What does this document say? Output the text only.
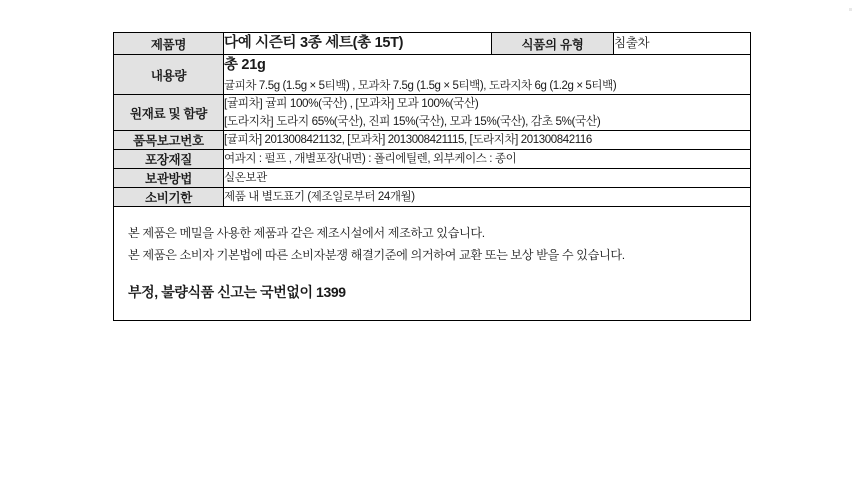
제품명	다예 시즌티 3종 세트(총 15T)	식품의 유형	침출차
내용량	총 21g
귤피차 7.5g (1.5g × 5티백) , 모과차 7.5g (1.5g × 5티백), 도라지차 6g (1.2g × 5티백)		

원재료 및 함량	[귤피차] 귤피 100%(국산) , [모과차] 모과 100%(국산)
[도라지차] 도라지 65%(국산), 진피 15%(국산), 모과 15%(국산), 감초 5%(국산)		

품목보고번호	[귤피차] 2013008421132, [모과차] 2013008421115, [도라지차] 201300842116		
포장재질	여과지 : 펄프 , 개별포장(내면) : 폴리에틸렌, 외부케이스 : 종이		
보관방법	실온보관		
소비기한	제품 내 별도표기 (제조일로부터 24개월)		
본 제품은 메밀을 사용한 제품과 같은 제조시설에서 제조하고 있습니다.
본 제품은 소비자 기본법에 따른 소비자분쟁 해결기준에 의거하여 교환 또는 보상 받을 수 있습니다.
부정, 불량식품 신고는 국번없이 1399
